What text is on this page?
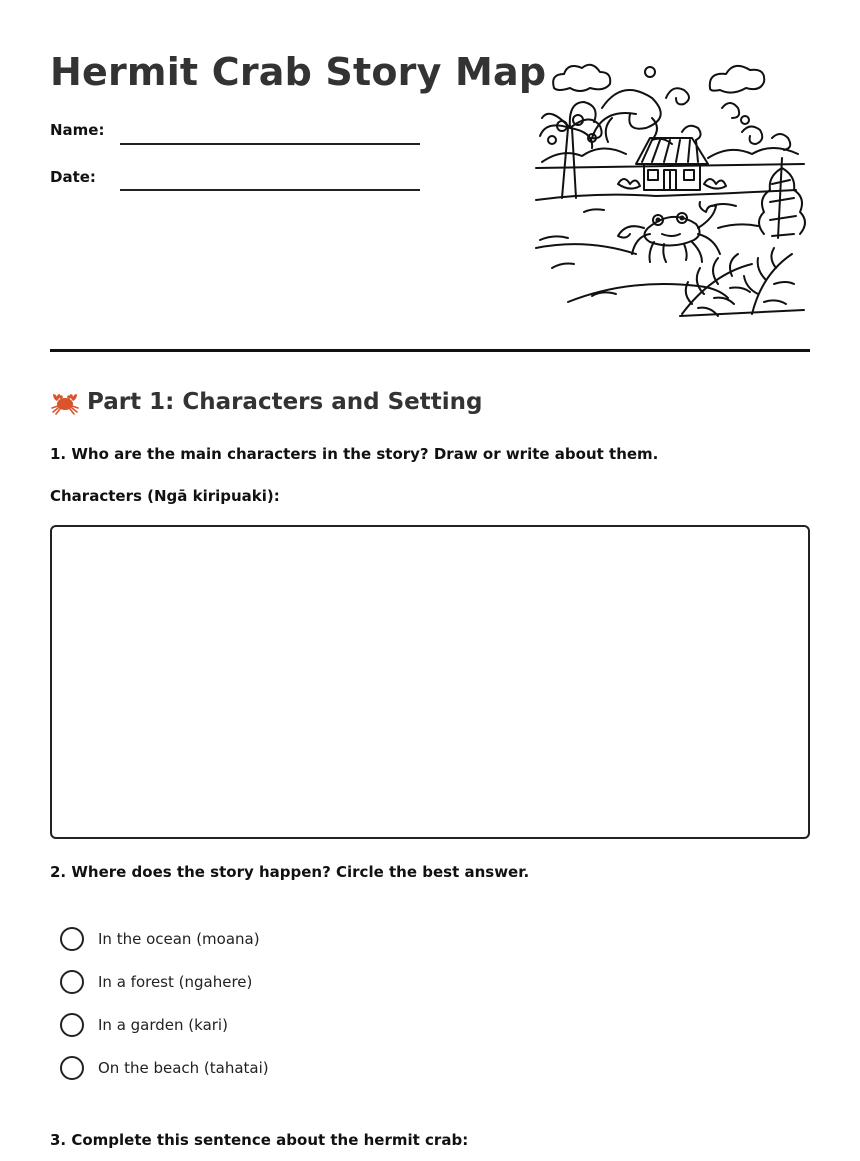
Hermit Crab Story Map
Name:
Date:
Part 1: Characters and Setting

1. Who are the main characters in the story? Draw or write about them.

Characters (Ngā kiripuaki):

2. Where does the story happen? Circle the best answer.

In the ocean (moana)
In a forest (ngahere)
In a garden (kari)
On the beach (tahatai)

3. Complete this sentence about the hermit crab:
